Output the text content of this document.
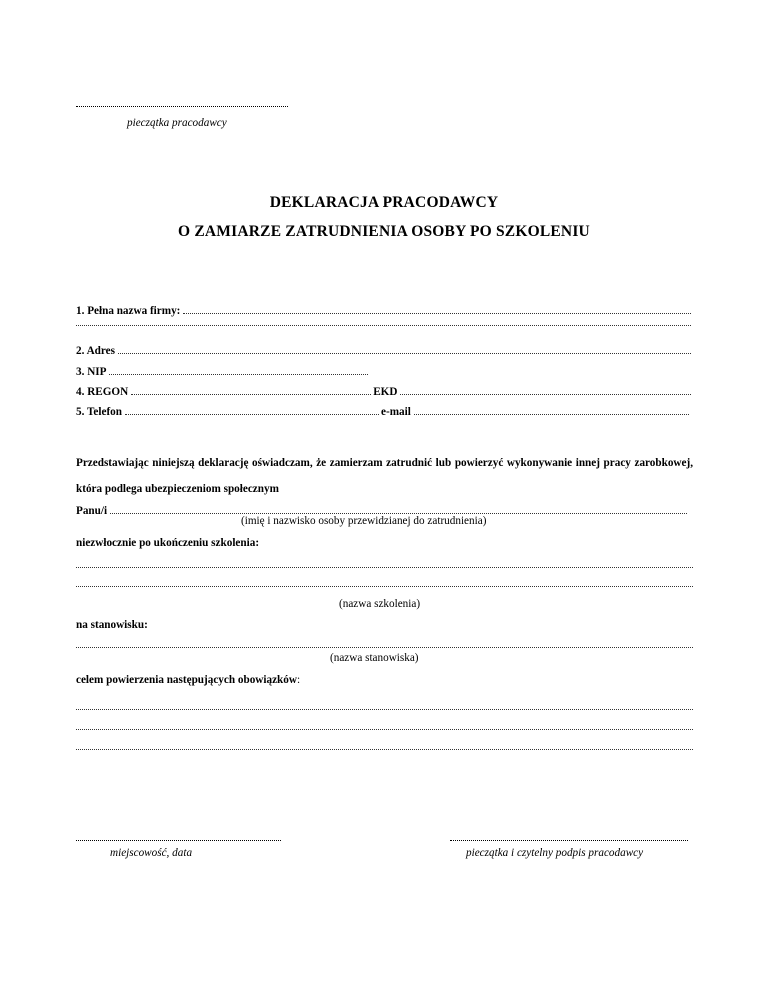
pieczątka pracodawcy
DEKLARACJA PRACODAWCY
O ZAMIARZE ZATRUDNIENIA OSOBY PO SZKOLENIU
1. Pełna nazwa firmy:
2. Adres
3. NIP
4. REGON	EKD
5. Telefon	e-mail
Przedstawiając niniejszą deklarację oświadczam, że zamierzam zatrudnić lub powierzyć wykonywanie innej pracy zarobkowej, która podlega ubezpieczeniom społecznym
Panu/i
(imię i nazwisko osoby przewidzianej do zatrudnienia)
niezwłocznie po ukończeniu szkolenia:
(nazwa szkolenia)
na stanowisku:
(nazwa stanowiska)
celem powierzenia następujących obowiązków:
miejscowość, data	pieczątka i czytelny podpis pracodawcy
